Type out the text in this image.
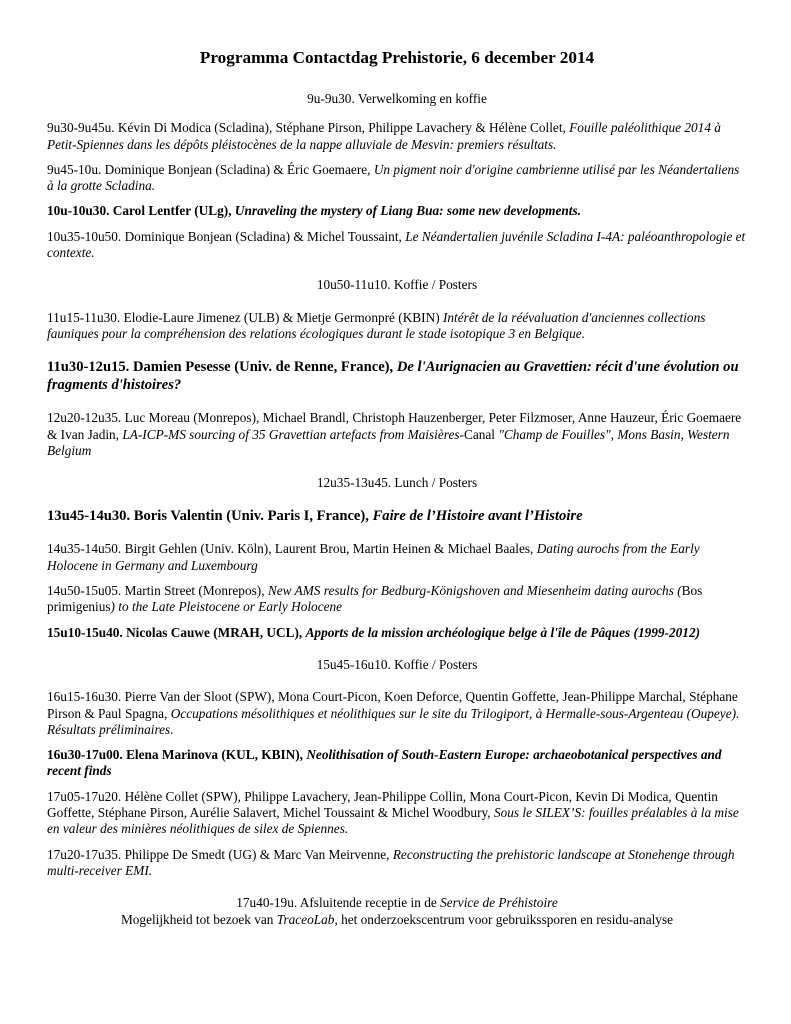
Programma Contactdag Prehistorie, 6 december 2014

9u-9u30. Verwelkoming en koffie

9u30-9u45u. Kévin Di Modica (Scladina), Stéphane Pirson, Philippe Lavachery & Hélène Collet, Fouille paléolithique 2014 à Petit-Spiennes dans les dépôts pléistocènes de la nappe alluviale de Mesvin: premiers résultats.

9u45-10u. Dominique Bonjean (Scladina) & Éric Goemaere, Un pigment noir d'origine cambrienne utilisé par les Néandertaliens à la grotte Scladina.

10u-10u30. Carol Lentfer (ULg), Unraveling the mystery of Liang Bua: some new developments.

10u35-10u50. Dominique Bonjean (Scladina) & Michel Toussaint, Le Néandertalien juvénile Scladina I-4A: paléoanthropologie et contexte.

10u50-11u10. Koffie / Posters

11u15-11u30. Elodie-Laure Jimenez (ULB) & Mietje Germonpré (KBIN) Intérêt de la réévaluation d'anciennes collections fauniques pour la compréhension des relations écologiques durant le stade isotopique 3 en Belgique.

11u30-12u15. Damien Pesesse (Univ. de Renne, France), De l'Aurignacien au Gravettien: récit d'une évolution ou fragments d'histoires?

12u20-12u35. Luc Moreau (Monrepos), Michael Brandl, Christoph Hauzenberger, Peter Filzmoser, Anne Hauzeur, Éric Goemaere & Ivan Jadin, LA-ICP-MS sourcing of 35 Gravettian artefacts from Maisières-Canal "Champ de Fouilles", Mons Basin, Western Belgium

12u35-13u45. Lunch / Posters

13u45-14u30. Boris Valentin (Univ. Paris I, France), Faire de l’Histoire avant l’Histoire

14u35-14u50. Birgit Gehlen (Univ. Köln), Laurent Brou, Martin Heinen & Michael Baales, Dating aurochs from the Early Holocene in Germany and Luxembourg

14u50-15u05. Martin Street (Monrepos), New AMS results for Bedburg-Königshoven and Miesenheim dating aurochs (Bos primigenius) to the Late Pleistocene or Early Holocene

15u10-15u40. Nicolas Cauwe (MRAH, UCL), Apports de la mission archéologique belge à l'île de Pâques (1999-2012)

15u45-16u10. Koffie / Posters

16u15-16u30. Pierre Van der Sloot (SPW), Mona Court-Picon, Koen Deforce, Quentin Goffette, Jean-Philippe Marchal, Stéphane Pirson & Paul Spagna, Occupations mésolithiques et néolithiques sur le site du Trilogiport, à Hermalle-sous-Argenteau (Oupeye). Résultats préliminaires.

16u30-17u00. Elena Marinova (KUL, KBIN), Neolithisation of South-Eastern Europe: archaeobotanical perspectives and recent finds

17u05-17u20. Hélène Collet (SPW), Philippe Lavachery, Jean-Philippe Collin, Mona Court-Picon, Kevin Di Modica, Quentin Goffette, Stéphane Pirson, Aurélie Salavert, Michel Toussaint & Michel Woodbury, Sous le SILEX’S: fouilles préalables à la mise en valeur des minières néolithiques de silex de Spiennes.

17u20-17u35. Philippe De Smedt (UG) & Marc Van Meirvenne, Reconstructing the prehistoric landscape at Stonehenge through multi-receiver EMI.

17u40-19u. Afsluitende receptie in de Service de Préhistoire

Mogelijkheid tot bezoek van TraceoLab, het onderzoekscentrum voor gebruikssporen en residu-analyse
